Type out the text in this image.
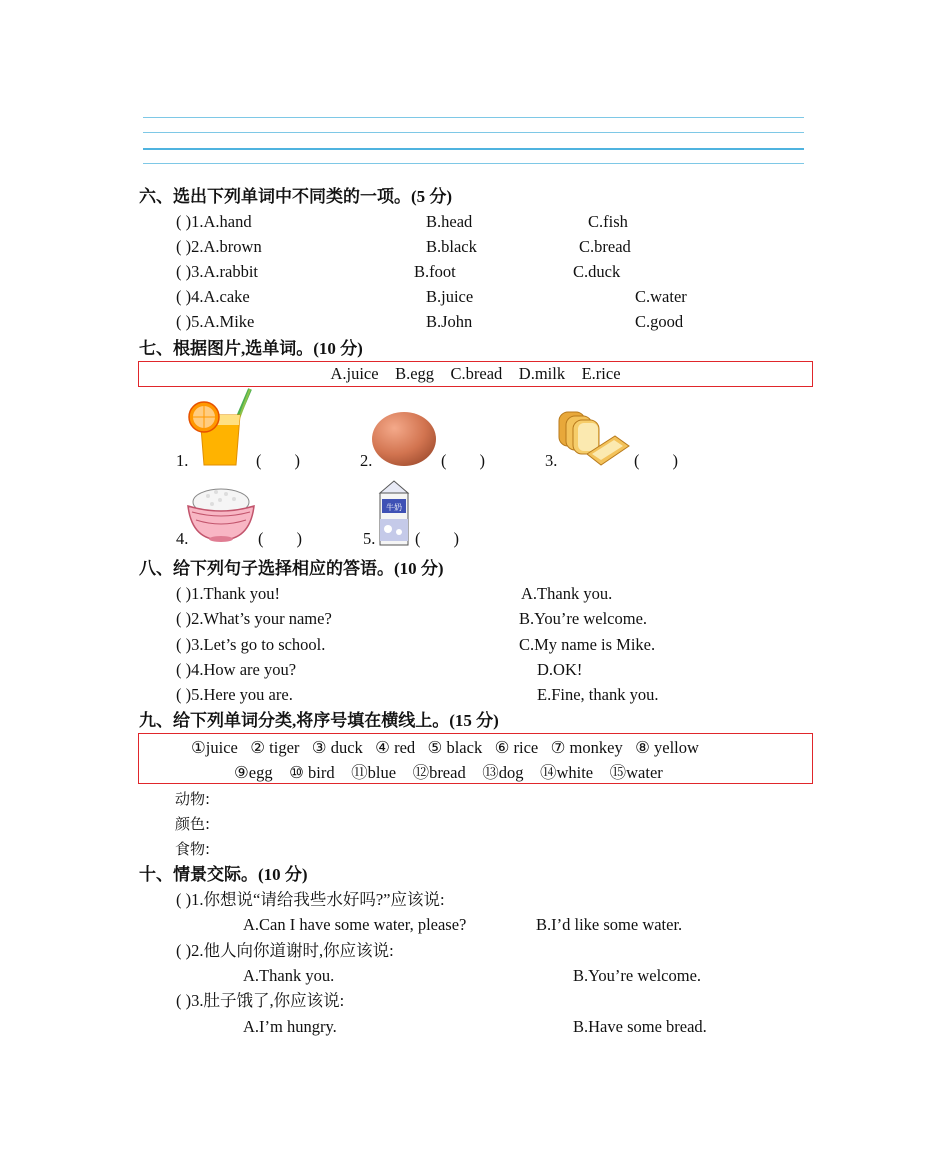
六、选出下列单词中不同类的一项。(5 分)
( )1.A.hand	B.head	C.fish
( )2.A.brown	B.black	C.bread
( )3.A.rabbit	B.foot	C.duck
( )4.A.cake	B.juice	C.water
( )5.A.Mike	B.John	C.good
七、根据图片,选单词。(10 分)
A.juice    B.egg    C.bread    D.milk    E.rice
1.	(        )	2.	(        )	3.	(        )
4.	(        )	5.
牛奶
(        )
八、给下列句子选择相应的答语。(10 分)
( )1.Thank you!	A.Thank you.
( )2.What’s your name?	B.You’re welcome.
( )3.Let’s go to school.	C.My name is Mike.
( )4.How are you?	D.OK!
( )5.Here you are.	E.Fine, thank you.
九、给下列单词分类,将序号填在横线上。(15 分)
①juice ② tiger ③ duck ④ red ⑤ black ⑥ rice ⑦ monkey ⑧ yellow
⑨egg ⑩ bird ⑪blue ⑫bread ⑬dog ⑭white ⑮water
动物:
颜色:
食物:
十、情景交际。(10 分)
( )1.你想说“请给我些水好吗?”应该说:
A.Can I have some water, please?	B.I’d like some water.
( )2.他人向你道谢时,你应该说:
A.Thank you.	B.You’re welcome.
( )3.肚子饿了,你应该说:
A.I’m hungry.	B.Have some bread.
